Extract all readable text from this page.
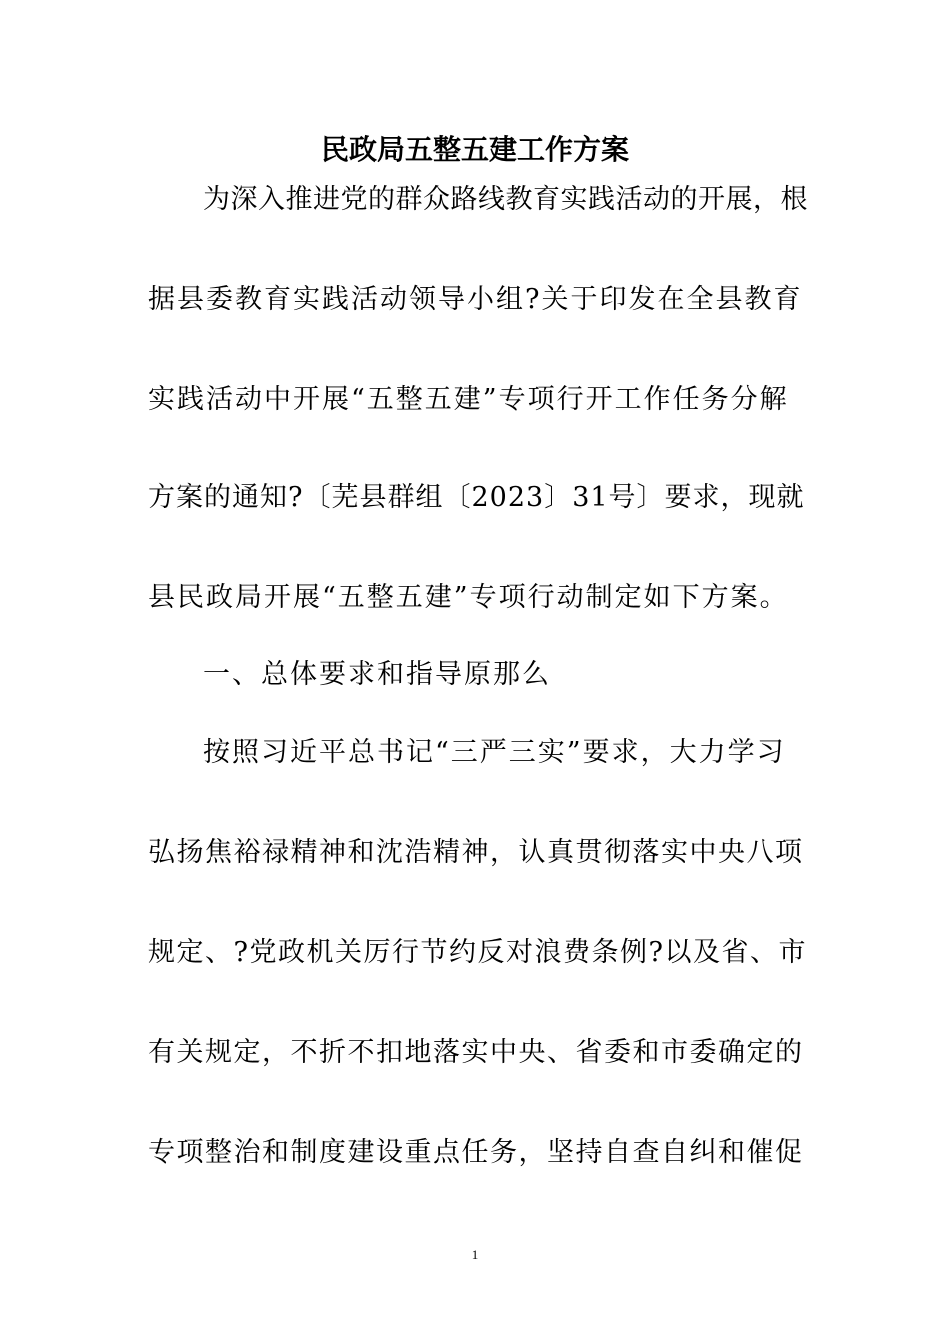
民政局五整五建工作方案
为深入推进党的群众路线教育实践活动的开展，根
据县委教育实践活动领导小组?关于印发在全县教育
实践活动中开展“五整五建”专项行开工作任务分解
方案的通知?〔芜县群组〔2023〕31号〕要求，现就
县民政局开展“五整五建”专项行动制定如下方案。
一、总体要求和指导原那么
按照习近平总书记“三严三实”要求，大力学习
弘扬焦裕禄精神和沈浩精神，认真贯彻落实中央八项
规定、?党政机关厉行节约反对浪费条例?以及省、市
有关规定，不折不扣地落实中央、省委和市委确定的
专项整治和制度建设重点任务，坚持自查自纠和催促
1
